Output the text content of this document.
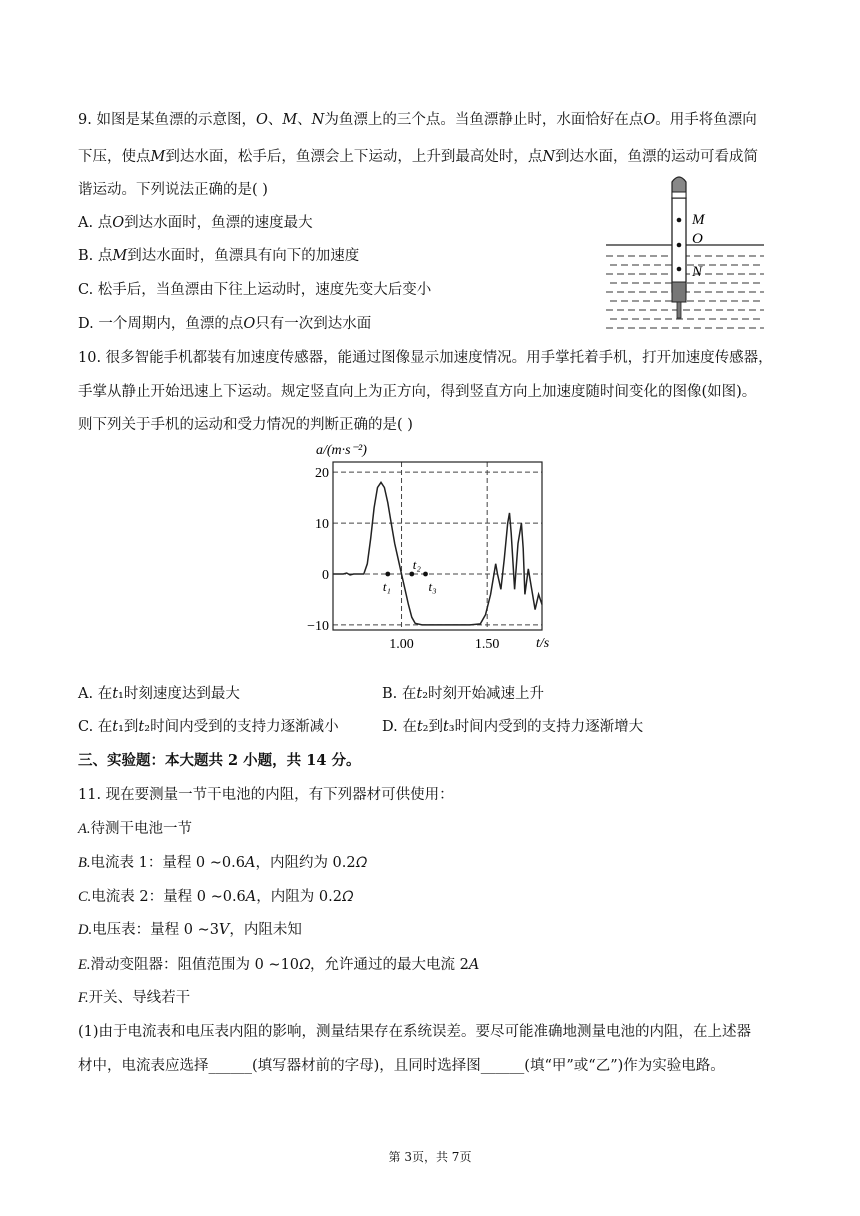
9. 如图是某鱼漂的示意图，𝑂、𝑀、𝑁为鱼漂上的三个点。当鱼漂静止时，水面恰好在点𝑂。用手将鱼漂向
下压，使点𝑀到达水面，松手后，鱼漂会上下运动，上升到最高处时，点𝑁到达水面，鱼漂的运动可看成简
谐运动。下列说法正确的是( )
A. 点𝑂到达水面时，鱼漂的速度最大
B. 点𝑀到达水面时，鱼漂具有向下的加速度
C. 松手后，当鱼漂由下往上运动时，速度先变大后变小
D. 一个周期内，鱼漂的点𝑂只有一次到达水面
M
O
N
10. 很多智能手机都装有加速度传感器，能通过图像显示加速度情况。用手掌托着手机，打开加速度传感器，
手掌从静止开始迅速上下运动。规定竖直向上为正方向，得到竖直方向上加速度随时间变化的图像(如图)。
则下列关于手机的运动和受力情况的判断正确的是( )
a/(m·s⁻²)
t/s
20
10
0
−10
1.00	1.50
t₁
t₂
t₃
A. 在𝑡₁时刻速度达到最大	B. 在𝑡₂时刻开始减速上升
C. 在𝑡₁到𝑡₂时间内受到的支持力逐渐减小	D. 在𝑡₂到𝑡₃时间内受到的支持力逐渐增大
三、实验题：本大题共 2 小题，共 14 分。
11. 现在要测量一节干电池的内阻，有下列器材可供使用：
A.待测干电池一节
B.电流表 1：量程 0 ∼0.6𝐴，内阻约为 0.2𝛺
C.电流表 2：量程 0 ∼0.6𝐴，内阻为 0.2𝛺
D.电压表：量程 0 ∼3𝑉，内阻未知
E.滑动变阻器：阻值范围为 0 ∼10𝛺，允许通过的最大电流 2𝐴
F.开关、导线若干
(1)由于电流表和电压表内阻的影响，测量结果存在系统误差。要尽可能准确地测量电池的内阻，在上述器
材中，电流表应选择______(填写器材前的字母)，且同时选择图______(填“甲”或“乙”)作为实验电路。
第 3页，共 7页
